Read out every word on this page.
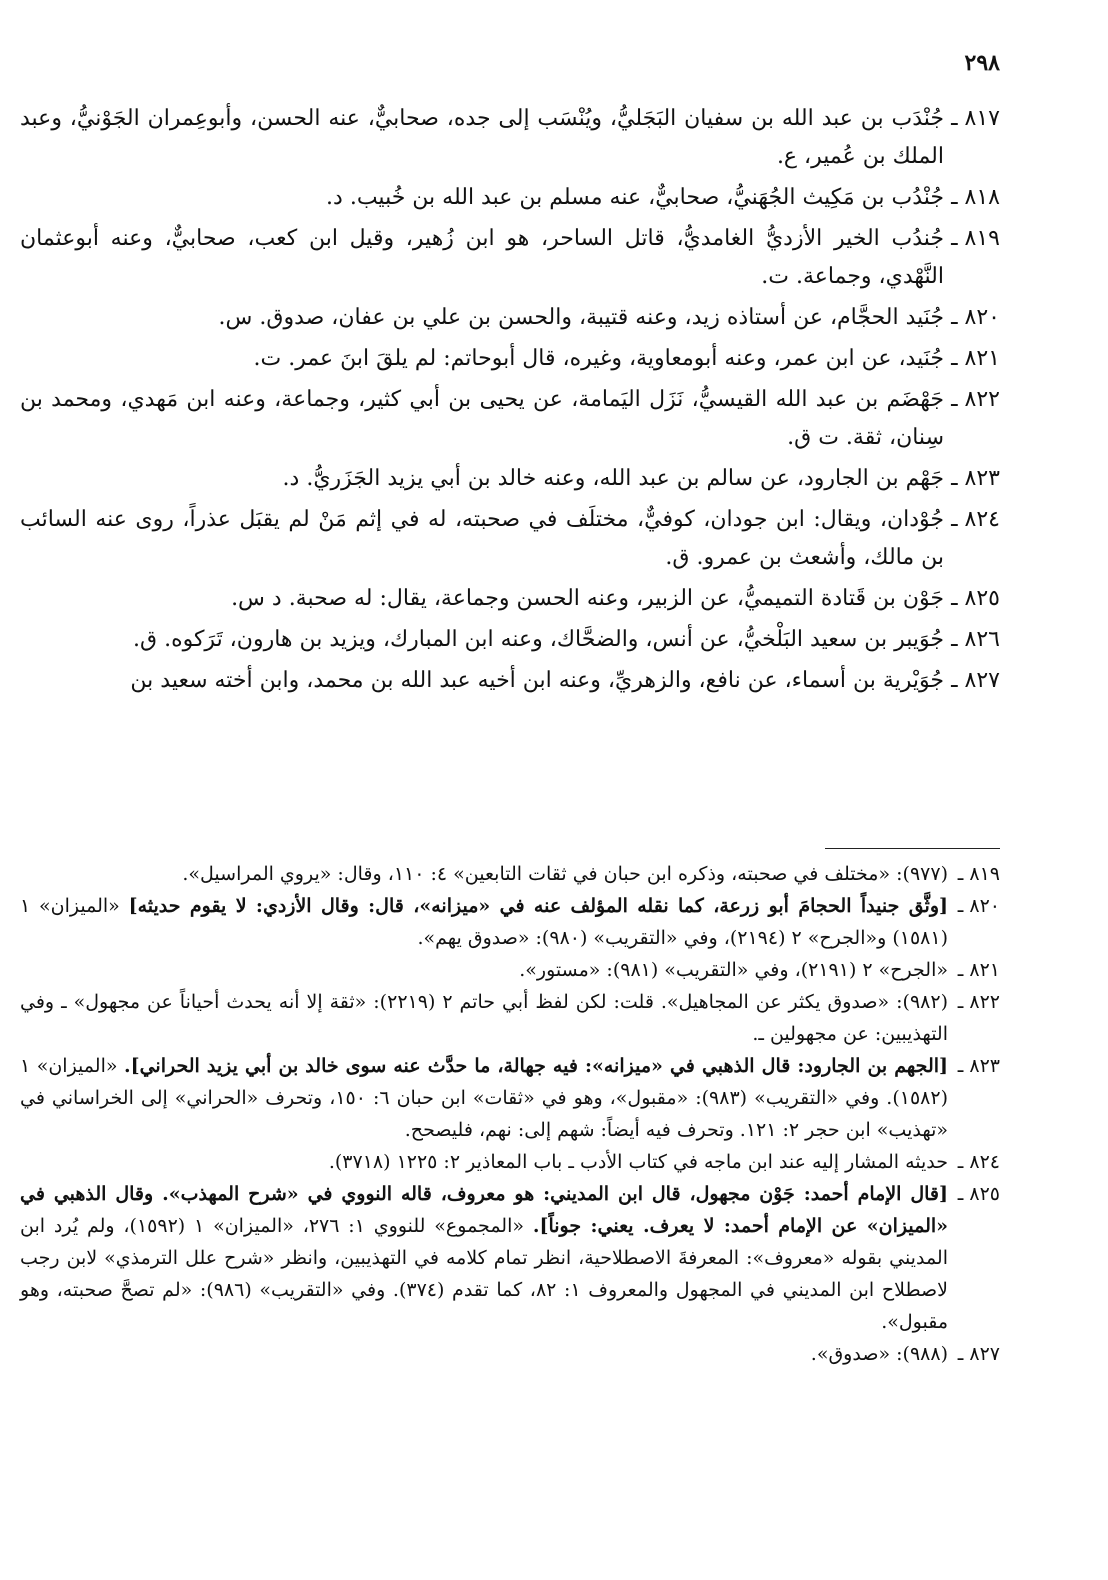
٢٩٨
٨١٧ ـ
جُنْدَب بن عبد الله بن سفيان البَجَليُّ، ويُنْسَب إلى جده، صحابيٌّ، عنه الحسن، وأبوعِمران الجَوْنيُّ، وعبد الملك بن عُمير، ع.
٨١٨ ـ
جُنْدُب بن مَكِيث الجُهَنيُّ، صحابيٌّ، عنه مسلم بن عبد الله بن خُبيب. د.
٨١٩ ـ
جُندُب الخير الأزديُّ الغامديُّ، قاتل الساحر، هو ابن زُهير، وقيل ابن كعب، صحابيٌّ، وعنه أبوعثمان النَّهْدي، وجماعة. ت.
٨٢٠ ـ
جُنَيد الحجَّام، عن أستاذه زيد، وعنه قتيبة، والحسن بن علي بن عفان، صدوق. س.
٨٢١ ـ
جُنَيد، عن ابن عمر، وعنه أبومعاوية، وغيره، قال أبوحاتم: لم يلقَ ابنَ عمر. ت.
٨٢٢ ـ
جَهْضَم بن عبد الله القيسيُّ، نَزَل اليَمامة، عن يحيى بن أبي كثير، وجماعة، وعنه ابن مَهدي، ومحمد بن سِنان، ثقة. ت ق.
٨٢٣ ـ
جَهْم بن الجارود، عن سالم بن عبد الله، وعنه خالد بن أبي يزيد الجَزَريُّ. د.
٨٢٤ ـ
جُوْدان، ويقال: ابن جودان، كوفيٌّ، مختلَف في صحبته، له في إثم مَنْ لم يقبَل عذراً، روى عنه السائب بن مالك، وأشعث بن عمرو. ق.
٨٢٥ ـ
جَوْن بن قَتادة التميميُّ، عن الزبير، وعنه الحسن وجماعة، يقال: له صحبة. د س.
٨٢٦ ـ
جُوَيبر بن سعيد البَلْخيُّ، عن أنس، والضحَّاك، وعنه ابن المبارك، ويزيد بن هارون، تَرَكوه. ق.
٨٢٧ ـ
جُوَيْرية بن أسماء، عن نافع، والزهريِّ، وعنه ابن أخيه عبد الله بن محمد، وابن أخته سعيد بن
٨١٩ ـ
(٩٧٧): «مختلف في صحبته، وذكره ابن حبان في ثقات التابعين» ٤: ١١٠، وقال: «يروي المراسيل».
٨٢٠ ـ
[وثَّق جنيداً الحجامَ أبو زرعة، كما نقله المؤلف عنه في «ميزانه»، قال: وقال الأزدي: لا يقوم حديثه] «الميزان» ١ (١٥٨١) و«الجرح» ٢ (٢١٩٤)، وفي «التقريب» (٩٨٠): «صدوق يهم».
٨٢١ ـ
«الجرح» ٢ (٢١٩١)، وفي «التقريب» (٩٨١): «مستور».
٨٢٢ ـ
(٩٨٢): «صدوق يكثر عن المجاهيل». قلت: لكن لفظ أبي حاتم ٢ (٢٢١٩): «ثقة إلا أنه يحدث أحياناً عن مجهول» ـ وفي التهذيبين: عن مجهولين ـ.
٨٢٣ ـ
[الجهم بن الجارود: قال الذهبي في «ميزانه»: فيه جهالة، ما حدَّث عنه سوى خالد بن أبي يزيد الحراني]. «الميزان» ١ (١٥٨٢). وفي «التقريب» (٩٨٣): «مقبول»، وهو في «ثقات» ابن حبان ٦: ١٥٠، وتحرف «الحراني» إلى الخراساني في «تهذيب» ابن حجر ٢: ١٢١. وتحرف فيه أيضاً: شهم إلى: نهم، فليصحح.
٨٢٤ ـ
حديثه المشار إليه عند ابن ماجه في كتاب الأدب ـ باب المعاذير ٢: ١٢٢٥ (٣٧١٨).
٨٢٥ ـ
[قال الإمام أحمد: جَوْن مجهول، قال ابن المديني: هو معروف، قاله النووي في «شرح المهذب». وقال الذهبي في «الميزان» عن الإمام أحمد: لا يعرف. يعني: جوناً]. «المجموع» للنووي ١: ٢٧٦، «الميزان» ١ (١٥٩٢)، ولم يُرد ابن المديني بقوله «معروف»: المعرفةَ الاصطلاحية، انظر تمام كلامه في التهذيبين، وانظر «شرح علل الترمذي» لابن رجب لاصطلاح ابن المديني في المجهول والمعروف ١: ٨٢، كما تقدم (٣٧٤). وفي «التقريب» (٩٨٦): «لم تصحَّ صحبته، وهو مقبول».
٨٢٧ ـ
(٩٨٨): «صدوق».
